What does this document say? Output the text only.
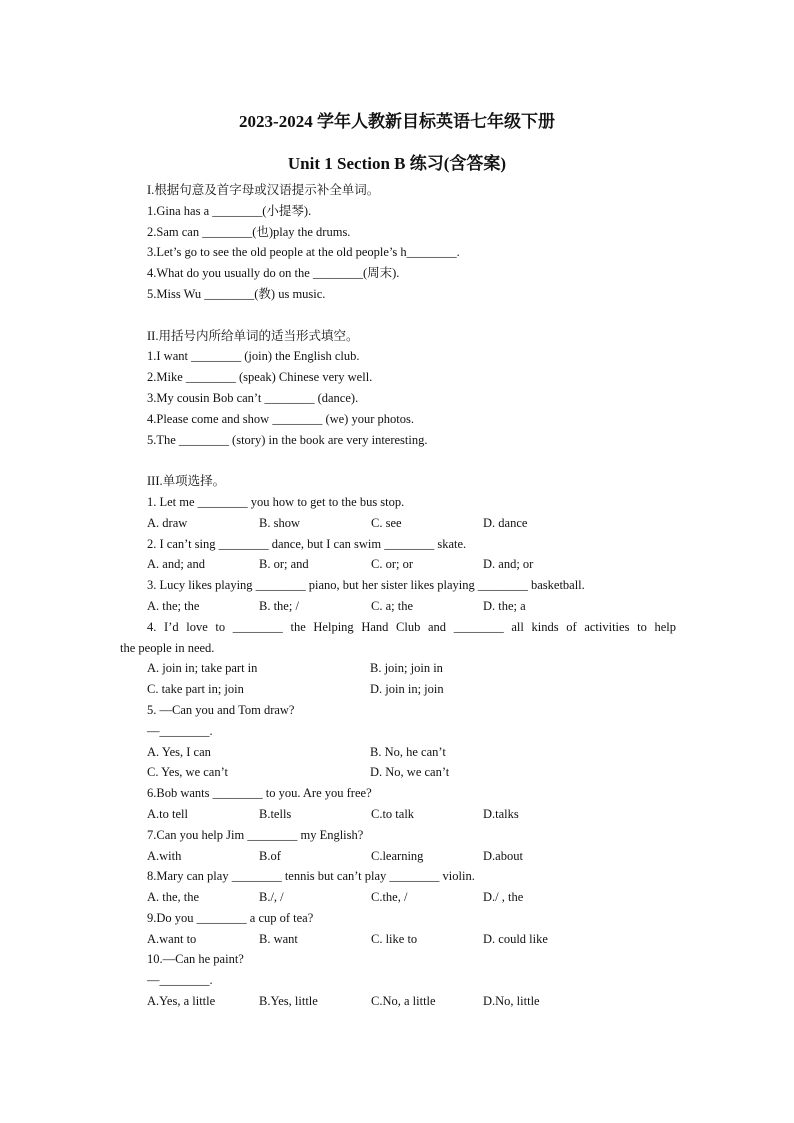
2023-2024 学年人教新目标英语七年级下册
Unit 1 Section B 练习(含答案)
I.根据句意及首字母或汉语提示补全单词。
1.Gina has a ________(小提琴).
2.Sam can ________(也)play the drums.
3.Let’s go to see the old people at the old people’s h________.
4.What do you usually do on the ________(周末).
5.Miss Wu ________(教) us music.
II.用括号内所给单词的适当形式填空。
1.I want ________ (join) the English club.
2.Mike ________ (speak) Chinese very well.
3.My cousin Bob can’t ________ (dance).
4.Please come and show ________ (we) your photos.
5.The ________ (story) in the book are very interesting.
III.单项选择。
1. Let me ________ you how to get to the bus stop.
A. draw	B. show	C. see	D. dance
2. I can’t sing ________ dance, but I can swim ________ skate.
A. and; and	B. or; and	C. or; or	D. and; or
3. Lucy likes playing ________ piano, but her sister likes playing ________ basketball.
A. the; the	B. the; /	C. a; the	D. the; a
4. I’d love to ________ the Helping Hand Club and ________ all kinds of activities to help
the people in need.
A. join in; take part in	B. join; join in
C. take part in; join	D. join in; join
5. —Can you and Tom draw?
—________.
A. Yes, I can	B. No, he can’t
C. Yes, we can’t	D. No, we can’t
6.Bob wants ________ to you. Are you free?
A.to tell	B.tells	C.to talk	D.talks
7.Can you help Jim ________ my English?
A.with	B.of	C.learning	D.about
8.Mary can play ________ tennis but can’t play ________ violin.
A. the, the	B./, /	C.the, /	D./ , the
9.Do you ________ a cup of tea?
A.want to	B. want	C. like to	D. could like
10.—Can he paint?
—________.
A.Yes, a little	B.Yes, little	C.No, a little	D.No, little
